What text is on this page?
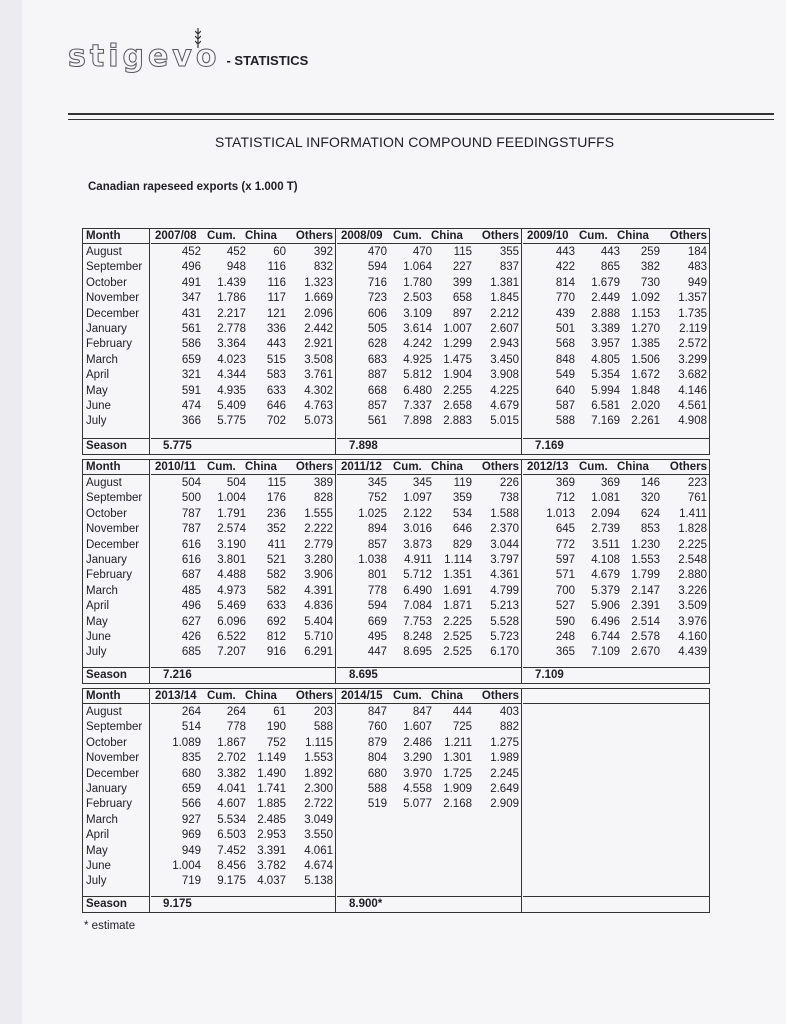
stigevo - STATISTICS
STATISTICAL INFORMATION COMPOUND FEEDINGSTUFFS
Canadian rapeseed exports (x 1.000 T)
Month
August
September
October
November
December
January
February
March
April
May
June
July
Season
2007/08 Cum. China Others
452 452 60 392
496 948 116 832
491 1.439 116 1.323
347 1.786 117 1.669
431 2.217 121 2.096
561 2.778 336 2.442
586 3.364 443 2.921
659 4.023 515 3.508
321 4.344 583 3.761
591 4.935 633 4.302
474 5.409 646 4.763
366 5.775 702 5.073
5.775
2008/09 Cum. China Others
470 470 115 355
594 1.064 227 837
716 1.780 399 1.381
723 2.503 658 1.845
606 3.109 897 2.212
505 3.614 1.007 2.607
628 4.242 1.299 2.943
683 4.925 1.475 3.450
887 5.812 1.904 3.908
668 6.480 2.255 4.225
857 7.337 2.658 4.679
561 7.898 2.883 5.015
7.898
2009/10 Cum. China Others
443 443 259 184
422 865 382 483
814 1.679 730 949
770 2.449 1.092 1.357
439 2.888 1.153 1.735
501 3.389 1.270 2.119
568 3.957 1.385 2.572
848 4.805 1.506 3.299
549 5.354 1.672 3.682
640 5.994 1.848 4.146
587 6.581 2.020 4.561
588 7.169 2.261 4.908
7.169
Month
August
September
October
November
December
January
February
March
April
May
June
July
Season
2010/11 Cum. China Others
504 504 115 389
500 1.004 176 828
787 1.791 236 1.555
787 2.574 352 2.222
616 3.190 411 2.779
616 3.801 521 3.280
687 4.488 582 3.906
485 4.973 582 4.391
496 5.469 633 4.836
627 6.096 692 5.404
426 6.522 812 5.710
685 7.207 916 6.291
7.216
2011/12 Cum. China Others
345 345 119 226
752 1.097 359 738
1.025 2.122 534 1.588
894 3.016 646 2.370
857 3.873 829 3.044
1.038 4.911 1.114 3.797
801 5.712 1.351 4.361
778 6.490 1.691 4.799
594 7.084 1.871 5.213
669 7.753 2.225 5.528
495 8.248 2.525 5.723
447 8.695 2.525 6.170
8.695
2012/13 Cum. China Others
369 369 146 223
712 1.081 320 761
1.013 2.094 624 1.411
645 2.739 853 1.828
772 3.511 1.230 2.225
597 4.108 1.553 2.548
571 4.679 1.799 2.880
700 5.379 2.147 3.226
527 5.906 2.391 3.509
590 6.496 2.514 3.976
248 6.744 2.578 4.160
365 7.109 2.670 4.439
7.109
Month
August
September
October
November
December
January
February
March
April
May
June
July
Season
2013/14 Cum. China Others
264 264 61 203
514 778 190 588
1.089 1.867 752 1.115
835 2.702 1.149 1.553
680 3.382 1.490 1.892
659 4.041 1.741 2.300
566 4.607 1.885 2.722
927 5.534 2.485 3.049
969 6.503 2.953 3.550
949 7.452 3.391 4.061
1.004 8.456 3.782 4.674
719 9.175 4.037 5.138
9.175
2014/15 Cum. China Others
847 847 444 403
760 1.607 725 882
879 2.486 1.211 1.275
804 3.290 1.301 1.989
680 3.970 1.725 2.245
588 4.558 1.909 2.649
519 5.077 2.168 2.909
8.900*
* estimate
